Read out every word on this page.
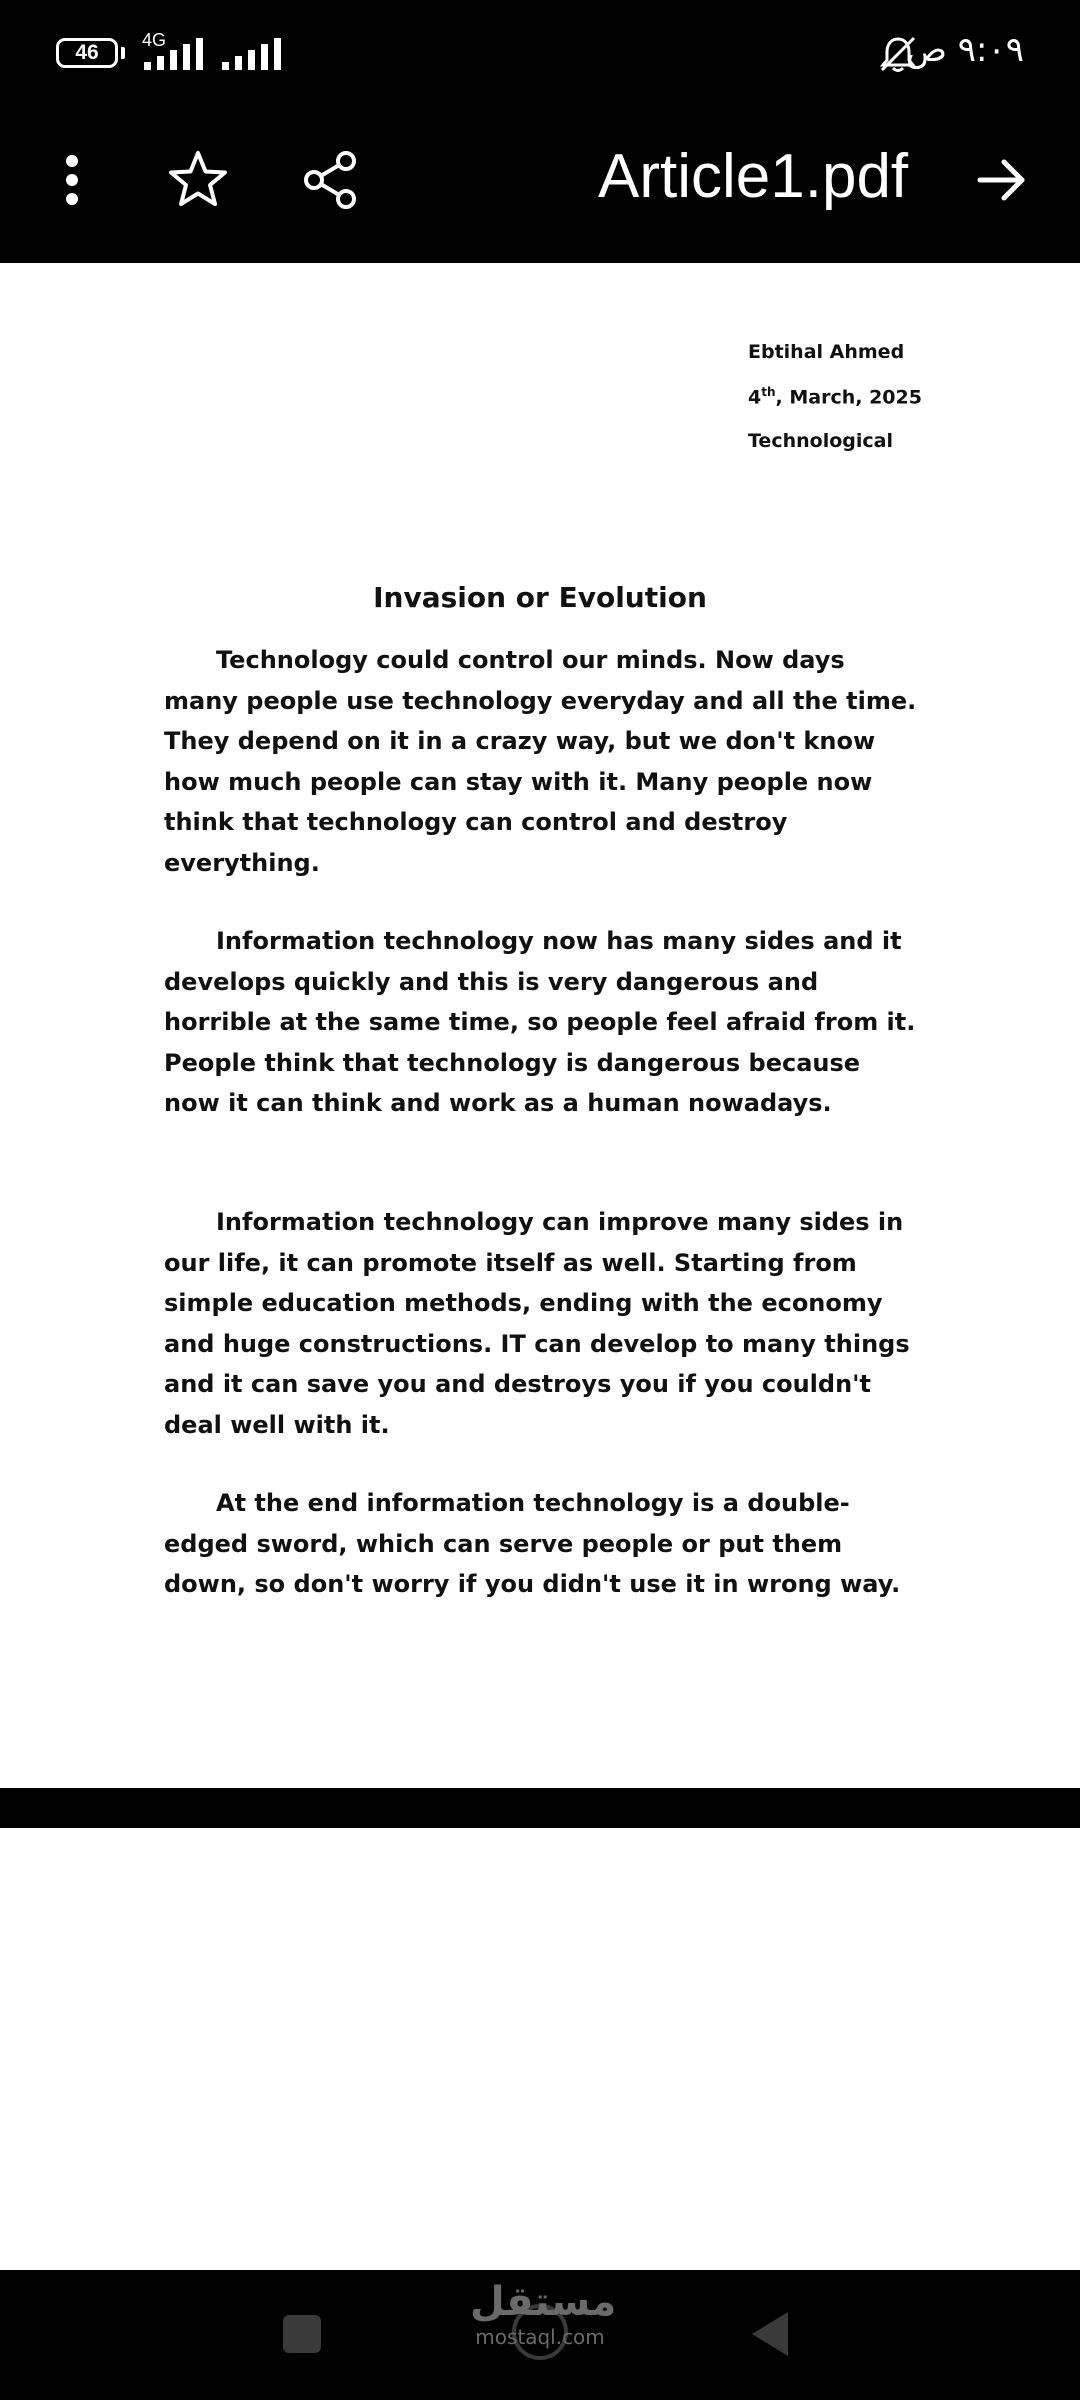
46
4G	٩:٠٩ ص
Article1.pdf
Ebtihal Ahmed
4th, March, 2025
Technological
Invasion or Evolution

Technology could control our minds. Now days many people use technology everyday and all the time. They depend on it in a crazy way, but we don't know how much people can stay with it. Many people now think that technology can control and destroy everything.

Information technology now has many sides and it develops quickly and this is very dangerous and horrible at the same time, so people feel afraid from it. People think that technology is dangerous because now it can think and work as a human nowadays.

Information technology can improve many sides in our life, it can promote itself as well. Starting from simple education methods, ending with the economy and huge constructions. IT can develop to many things and it can save you and destroys you if you couldn't deal well with it.

At the end information technology is a double-edged sword, which can serve people or put them down, so don't worry if you didn't use it in wrong way.

مستقل
mostaql.com
